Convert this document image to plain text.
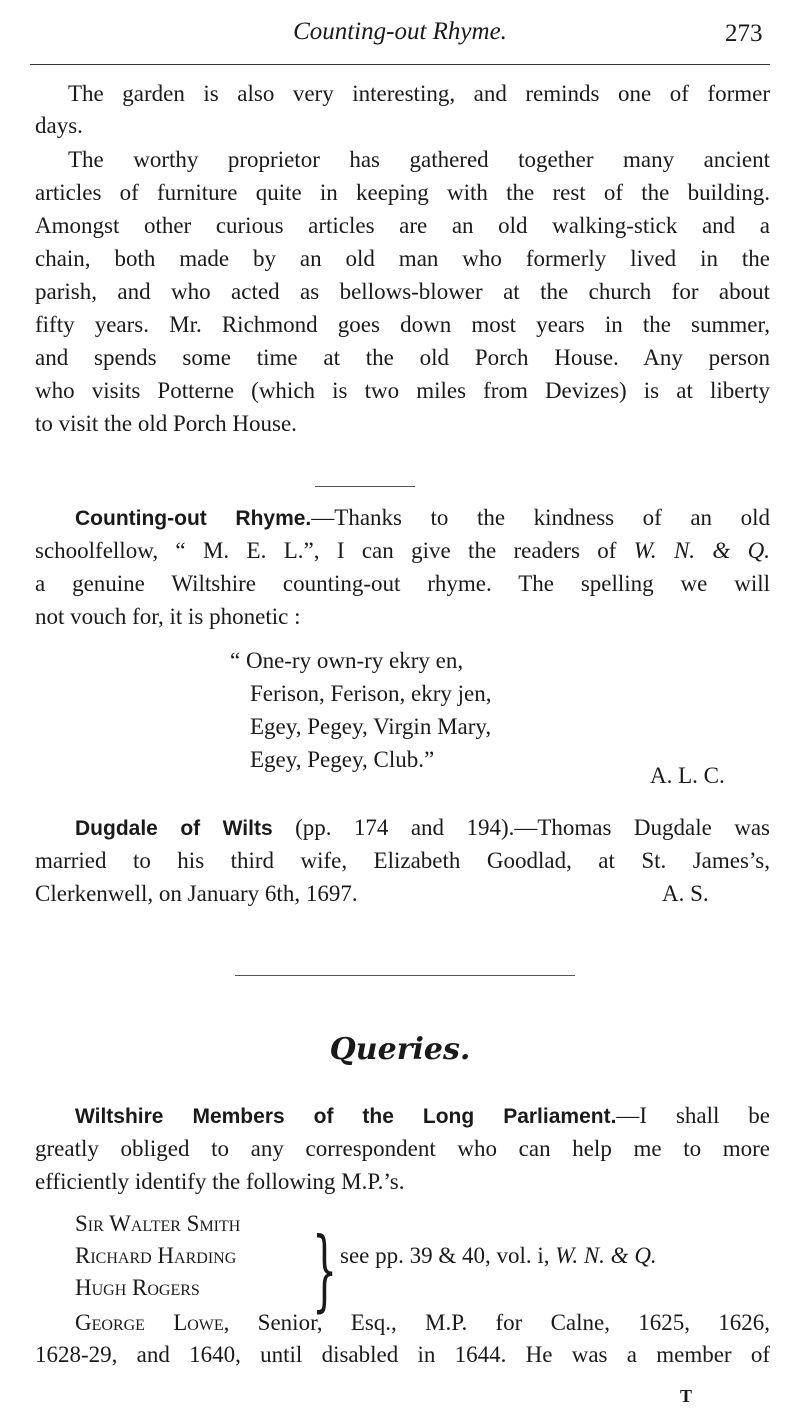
Counting-out Rhyme.	273
Queries.
}
T
The garden is also very interesting, and reminds one of former
days.
The worthy proprietor has gathered together many ancient
articles of furniture quite in keeping with the rest of the building.
Amongst other curious articles are an old walking-stick and a
chain, both made by an old man who formerly lived in the
parish, and who acted as bellows-blower at the church for about
fifty years. Mr. Richmond goes down most years in the summer,
and spends some time at the old Porch House. Any person
who visits Potterne (which is two miles from Devizes) is at liberty
to visit the old Porch House.
Counting-out Rhyme.—Thanks to the kindness of an old
schoolfellow, “ M. E. L.”, I can give the readers of W. N. & Q.
a genuine Wiltshire counting-out rhyme. The spelling we will
not vouch for, it is phonetic :
“ One-ry own-ry ekry en,
Ferison, Ferison, ekry jen,
Egey, Pegey, Virgin Mary,
Egey, Pegey, Club.”
A. L. C.
Dugdale of Wilts (pp. 174 and 194).—Thomas Dugdale was
married to his third wife, Elizabeth Goodlad, at St. James’s,
Clerkenwell, on January 6th, 1697.	A. S.
Wiltshire Members of the Long Parliament.—I shall be
greatly obliged to any correspondent who can help me to more
efficiently identify the following M.P.’s.
Sir Walter Smith
Richard Harding	see pp. 39 & 40, vol. i, W. N. & Q.
Hugh Rogers
George Lowe, Senior, Esq., M.P. for Calne, 1625, 1626,
1628-29, and 1640, until disabled in 1644. He was a member of
